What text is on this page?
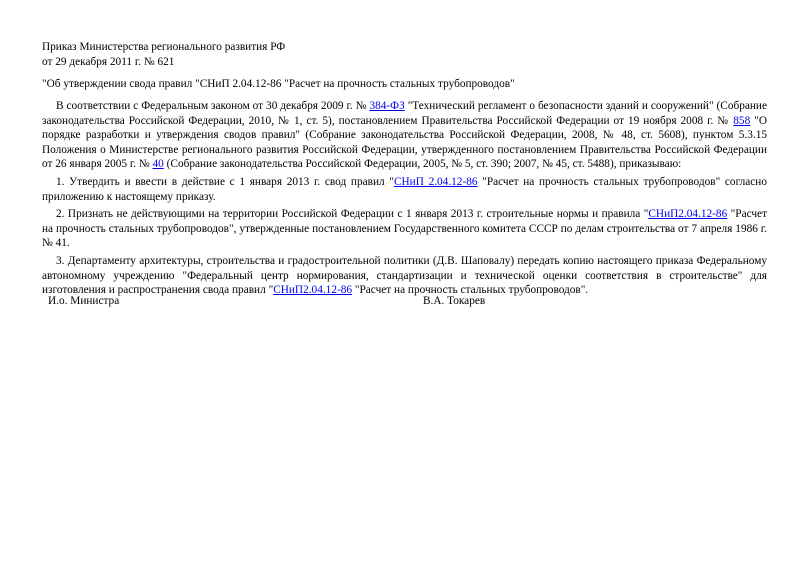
Приказ Министерства регионального развития РФ
от 29 декабря 2011 г. № 621
"Об утверждении свода правил "СНиП 2.04.12-86 "Расчет на прочность стальных трубопроводов"

В соответствии с Федеральным законом от 30 декабря 2009 г. № 384-ФЗ "Технический регламент о безопасности зданий и сооружений" (Собрание законодательства Российской Федерации, 2010, № 1, ст. 5), постановлением Правительства Российской Федерации от 19 ноября 2008 г. № 858 "О порядке разработки и утверждения сводов правил" (Собрание законодательства Российской Федерации, 2008, № 48, ст. 5608), пунктом 5.3.15 Положения о Министерстве регионального развития Российской Федерации, утвержденного постановлением Правительства Российской Федерации от 26 января 2005 г. № 40 (Собрание законодательства Российской Федерации, 2005, № 5, ст. 390; 2007, № 45, ст. 5488), приказываю:

1. Утвердить и ввести в действие с 1 января 2013 г. свод правил "СНиП 2.04.12-86 "Расчет на прочность стальных трубопроводов" согласно приложению к настоящему приказу.

2. Признать не действующими на территории Российской Федерации с 1 января 2013 г. строительные нормы и правила "СНиП2.04.12-86 "Расчет на прочность стальных трубопроводов", утвержденные постановлением Государственного комитета СССР по делам строительства от 7 апреля 1986 г. № 41.

3. Департаменту архитектуры, строительства и градостроительной политики (Д.В. Шаповалу) передать копию настоящего приказа Федеральному автономному учреждению "Федеральный центр нормирования, стандартизации и технической оценки соответствия в строительстве" для изготовления и распространения свода правил "СНиП2.04.12-86 "Расчет на прочность стальных трубопроводов".

И.о. Министра	В.А. Токарев
